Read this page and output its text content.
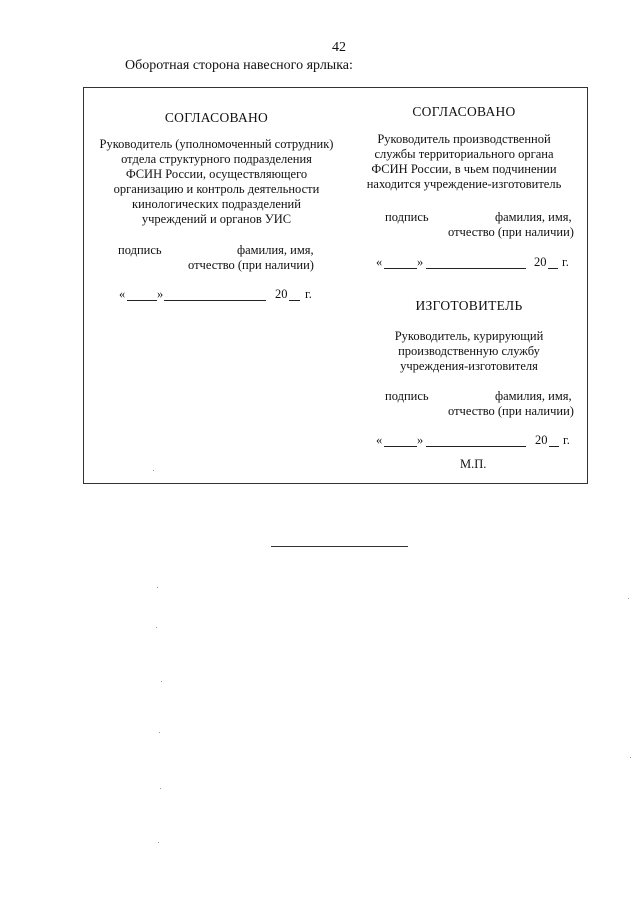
42
Оборотная сторона навесного ярлыка:
СОГЛАСОВАНО
Руководитель (уполномоченный сотрудник)
отдела структурного подразделения
ФСИН России, осуществляющего
организацию и контроль деятельности
кинологических подразделений
учреждений и органов УИС
подпись	фамилия, имя,
отчество (при наличии)
«	»	20 г.
СОГЛАСОВАНО
Руководитель производственной
службы территориального органа
ФСИН России, в чьем подчинении
находится учреждение-изготовитель
подпись	фамилия, имя,
отчество (при наличии)
«	»	20 г.
ИЗГОТОВИТЕЛЬ
Руководитель, курирующий
производственную службу
учреждения-изготовителя
подпись	фамилия, имя,
отчество (при наличии)
«	»	20 г.
М.П.
